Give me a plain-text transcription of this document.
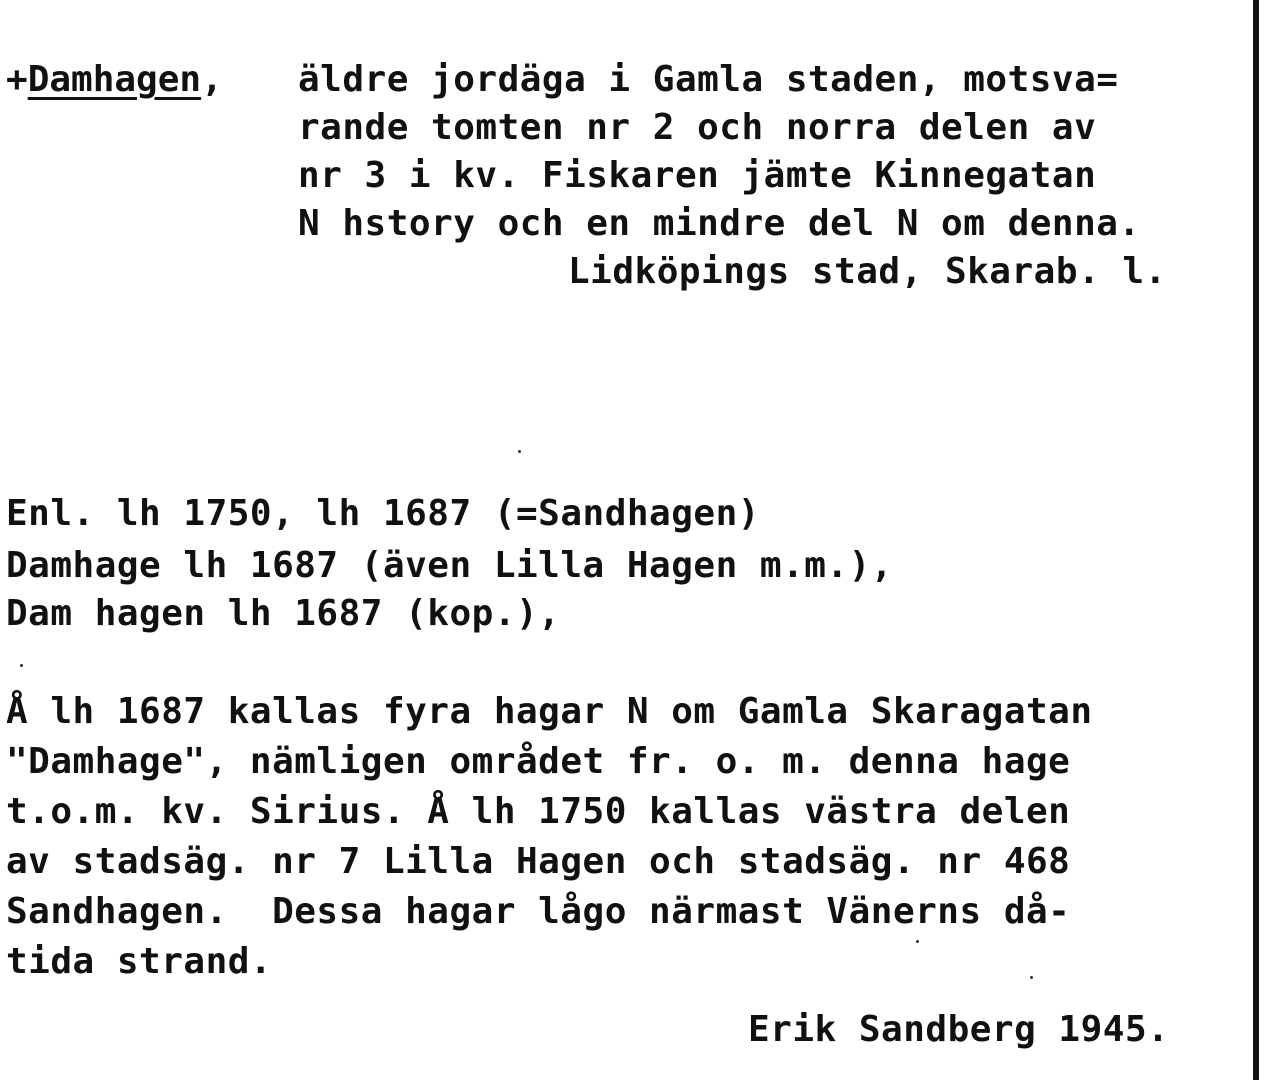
+Damhagen, äldre jordäga i Gamla staden, motsva=
rande tomten nr 2 och norra delen av
nr 3 i kv. Fiskaren jämte Kinnegatan
N hstory och en mindre del N om denna.
Lidköpings stad, Skarab. l.
Enl. lh 1750, lh 1687 (=Sandhagen)
Damhage lh 1687 (även Lilla Hagen m.m.),
Dam hagen lh 1687 (kop.),
Å lh 1687 kallas fyra hagar N om Gamla Skaragatan
"Damhage", nämligen området fr. o. m. denna hage
t.o.m. kv. Sirius. Å lh 1750 kallas västra delen
av stadsäg. nr 7 Lilla Hagen och stadsäg. nr 468
Sandhagen.  Dessa hagar lågo närmast Vänerns då-
tida strand.
Erik Sandberg 1945.
